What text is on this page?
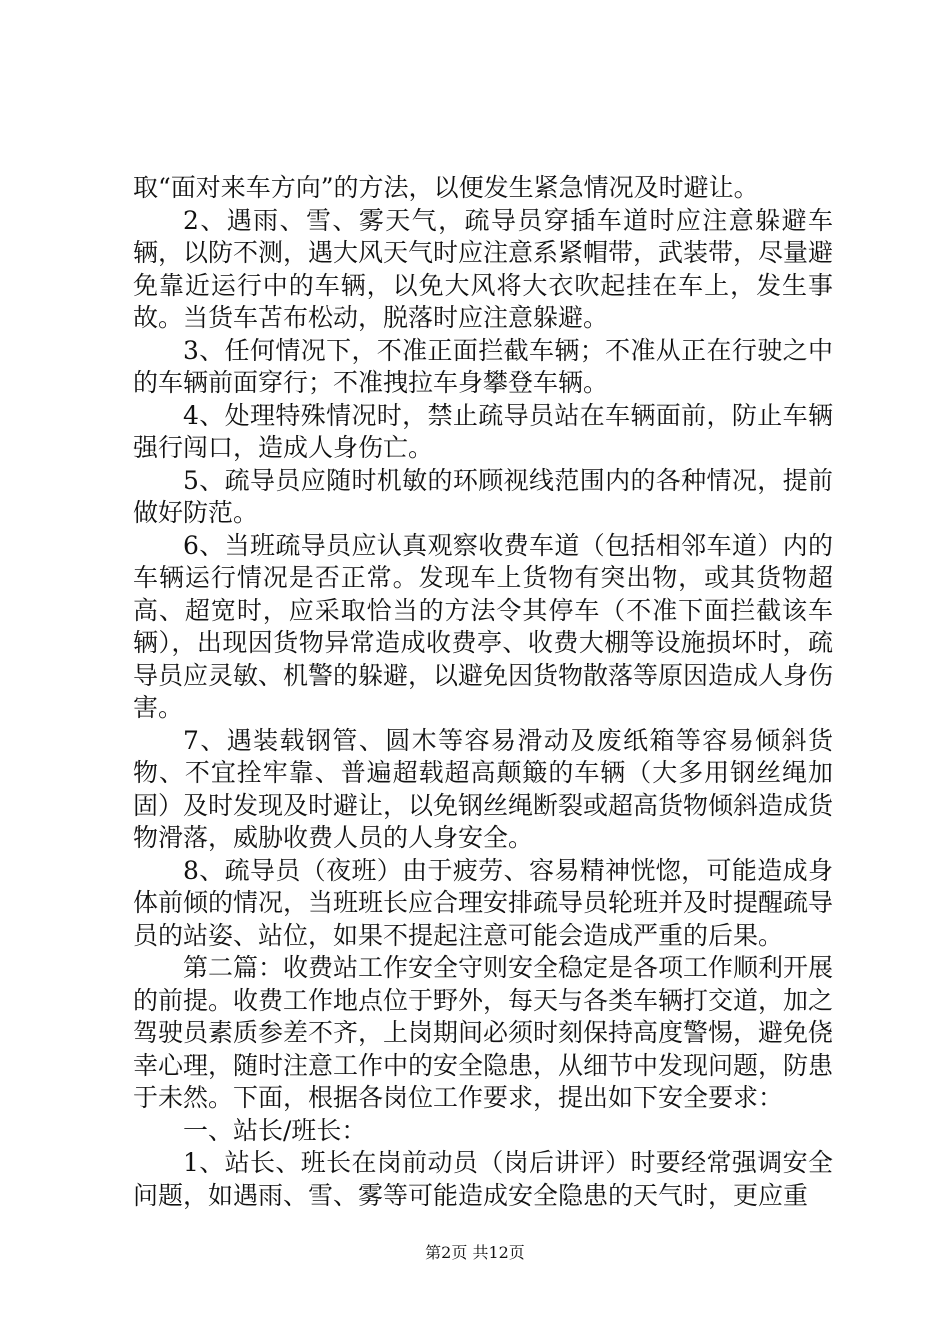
取“面对来车方向”的方法，以便发生紧急情况及时避让。

2、遇雨、雪、雾天气，疏导员穿插车道时应注意躲避车辆，以防不测，遇大风天气时应注意系紧帽带，武装带，尽量避免靠近运行中的车辆，以免大风将大衣吹起挂在车上，发生事故。当货车苫布松动，脱落时应注意躲避。

3、任何情况下，不准正面拦截车辆；不准从正在行驶之中的车辆前面穿行；不准拽拉车身攀登车辆。

4、处理特殊情况时，禁止疏导员站在车辆面前，防止车辆强行闯口，造成人身伤亡。

5、疏导员应随时机敏的环顾视线范围内的各种情况，提前做好防范。

6、当班疏导员应认真观察收费车道（包括相邻车道）内的车辆运行情况是否正常。发现车上货物有突出物，或其货物超高、超宽时，应采取恰当的方法令其停车（不准下面拦截该车辆），出现因货物异常造成收费亭、收费大棚等设施损坏时，疏导员应灵敏、机警的躲避，以避免因货物散落等原因造成人身伤害。

7、遇装载钢管、圆木等容易滑动及废纸箱等容易倾斜货物、不宜拴牢靠、普遍超载超高颠簸的车辆（大多用钢丝绳加固）及时发现及时避让，以免钢丝绳断裂或超高货物倾斜造成货物滑落，威胁收费人员的人身安全。

8、疏导员（夜班）由于疲劳、容易精神恍惚，可能造成身体前倾的情况，当班班长应合理安排疏导员轮班并及时提醒疏导员的站姿、站位，如果不提起注意可能会造成严重的后果。

第二篇：收费站工作安全守则安全稳定是各项工作顺利开展的前提。收费工作地点位于野外，每天与各类车辆打交道，加之驾驶员素质参差不齐，上岗期间必须时刻保持高度警惕，避免侥幸心理，随时注意工作中的安全隐患，从细节中发现问题，防患于未然。下面，根据各岗位工作要求，提出如下安全要求：

一、站长/班长：

1、站长、班长在岗前动员（岗后讲评）时要经常强调安全问题，如遇雨、雪、雾等可能造成安全隐患的天气时，更应重

第2页 共12页
